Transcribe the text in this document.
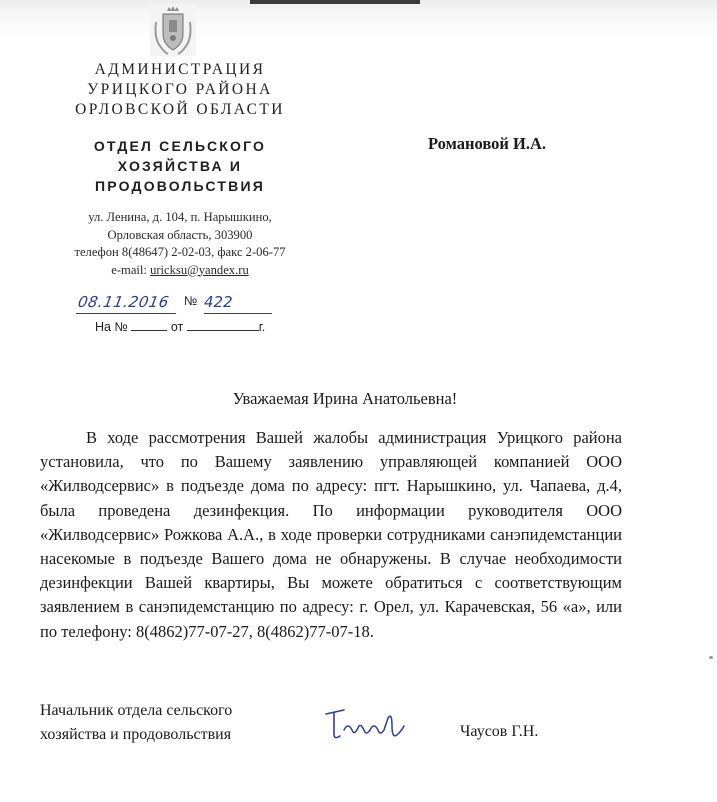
АДМИНИСТРАЦИЯ
УРИЦКОГО РАЙОНА
ОРЛОВСКОЙ ОБЛАСТИ
ОТДЕЛ СЕЛЬСКОГО
ХОЗЯЙСТВА И
ПРОДОВОЛЬСТВИЯ
Романовой И.А.
ул. Ленина, д. 104, п. Нарышкино,
Орловская область, 303900
телефон 8(48647) 2-02-03, факс 2-06-77
e-mail: uricksu@yandex.ru
08.11.2016	№ 422
На №	от	г.
Уважаемая Ирина Анатольевна!

В ходе рассмотрения Вашей жалобы администрация Урицкого района установила, что по Вашему заявлению управляющей компанией ООО «Жилводсервис» в подъезде дома по адресу: пгт. Нарышкино, ул. Чапаева, д.4, была проведена дезинфекция. По информации руководителя ООО «Жилводсервис» Рожкова А.А., в ходе проверки сотрудниками санэпидемстанции насекомые в подъезде Вашего дома не обнаружены. В случае необходимости дезинфекции Вашей квартиры, Вы можете обратиться с соответствующим заявлением в санэпидемстанцию по адресу: г. Орел, ул. Карачевская, 56 «а», или по телефону: 8(4862)77-07-27, 8(4862)77-07-18.

Начальник отдела сельского
хозяйства и продовольствия	Чаусов Г.Н.
